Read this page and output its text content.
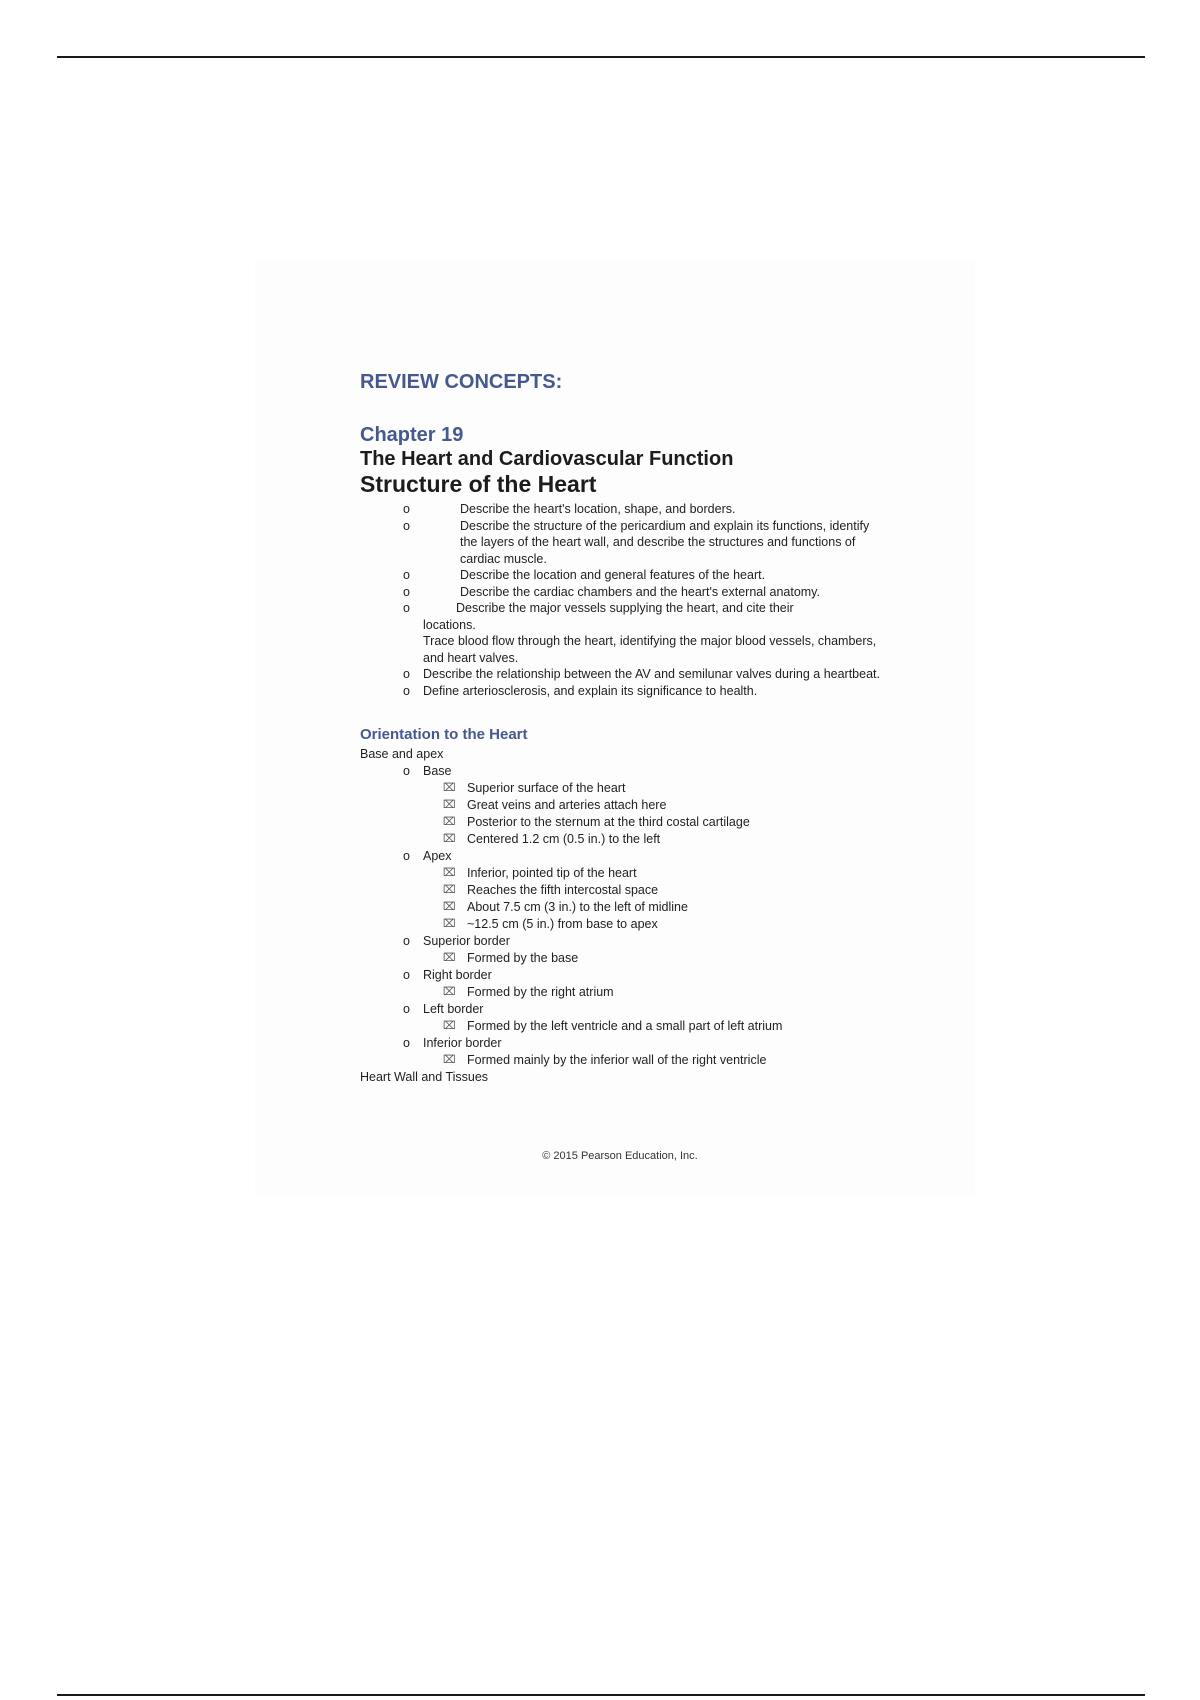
REVIEW CONCEPTS:
Chapter 19
The Heart and Cardiovascular Function
Structure of the Heart
o	Describe the heart's location, shape, and borders.
o	Describe the structure of the pericardium and explain its functions, identify the layers of the heart wall, and describe the structures and functions of cardiac muscle.
o	Describe the location and general features of the heart.
o	Describe the cardiac chambers and the heart's external anatomy.
o	Describe the major vessels supplying the heart, and cite their
locations.
Trace blood flow through the heart, identifying the major blood vessels, chambers, and heart valves.
o	Describe the relationship between the AV and semilunar valves during a heartbeat.
o	Define arteriosclerosis, and explain its significance to health.
Orientation to the Heart

Base and apex

o Base
⌧ Superior surface of the heart
⌧ Great veins and arteries attach here
⌧ Posterior to the sternum at the third costal cartilage
⌧ Centered 1.2 cm (0.5 in.) to the left
o Apex
⌧ Inferior, pointed tip of the heart
⌧ Reaches the fifth intercostal space
⌧ About 7.5 cm (3 in.) to the left of midline
⌧ ~12.5 cm (5 in.) from base to apex
o Superior border
⌧ Formed by the base
o Right border
⌧ Formed by the right atrium
o Left border
⌧ Formed by the left ventricle and a small part of left atrium
o Inferior border
⌧ Formed mainly by the inferior wall of the right ventricle

Heart Wall and Tissues

© 2015 Pearson Education, Inc.
